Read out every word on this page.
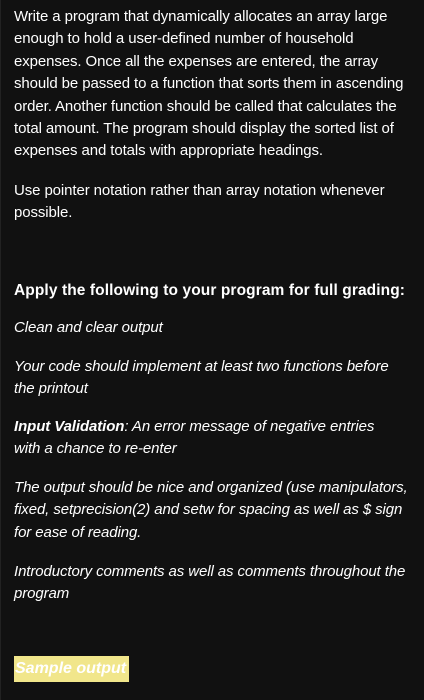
Write a program that dynamically allocates an array large
enough to hold a user-defined number of household
expenses. Once all the expenses are entered, the array
should be passed to a function that sorts them in ascending
order. Another function should be called that calculates the
total amount. The program should display the sorted list of
expenses and totals with appropriate headings.

Use pointer notation rather than array notation whenever
possible.

Apply the following to your program for full grading:

Clean and clear output

Your code should implement at least two functions before
the printout

Input Validation: An error message of negative entries
with a chance to re-enter

The output should be nice and organized (use manipulators,
fixed, setprecision(2) and setw for spacing as well as $ sign
for ease of reading.

Introductory comments as well as comments throughout the
program

Sample output
